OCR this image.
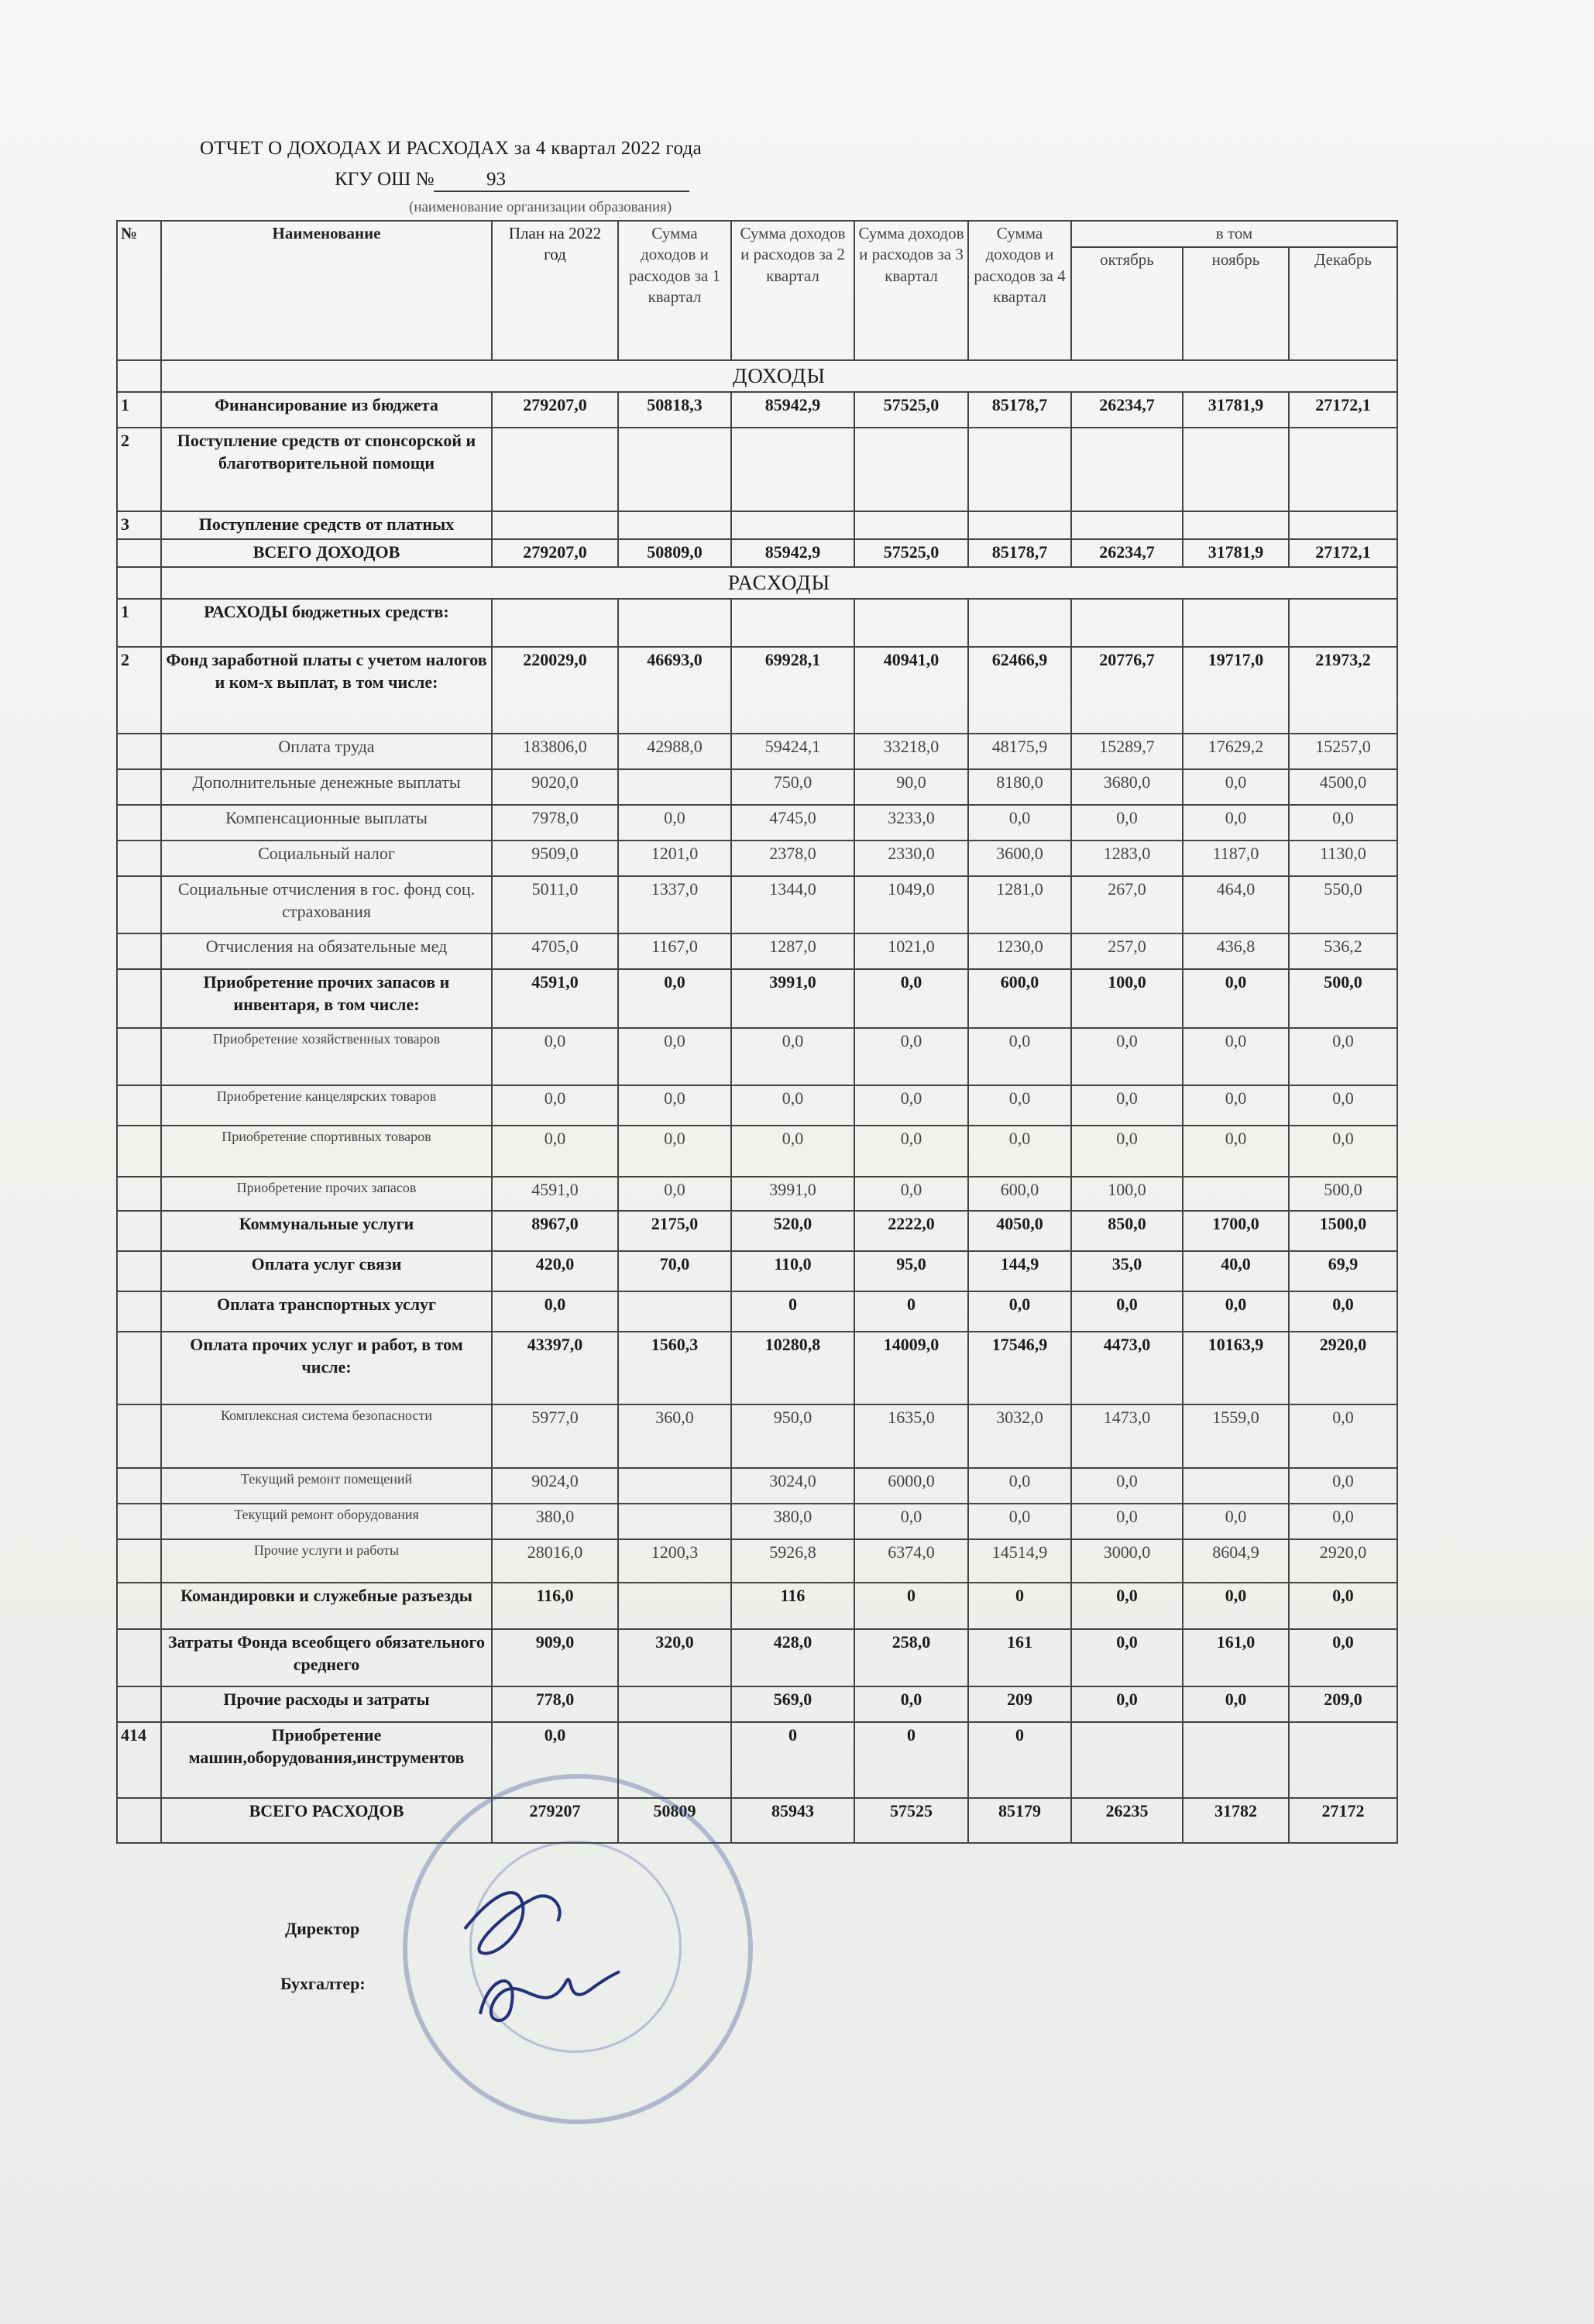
ОТЧЕТ О ДОХОДАХ И РАСХОДАХ за 4 квартал 2022 года
КГУ ОШ №	93
(наименование организации образования)
№	Наименование	План на 2022 год	Сумма доходов и расходов за 1 квартал	Сумма доходов и расходов за 2 квартал	Сумма доходов и расходов за 3 квартал	Сумма доходов и расходов за 4 квартал	в том		
							октябрь	ноябрь	Декабрь
	ДОХОДЫ								
1	Финансирование из бюджета	279207,0	50818,3	85942,9	57525,0	85178,7	26234,7	31781,9	27172,1
2	Поступление средств от спонсорской и благотворительной помощи								
3	Поступление средств от платных								
	ВСЕГО ДОХОДОВ	279207,0	50809,0	85942,9	57525,0	85178,7	26234,7	31781,9	27172,1
	РАСХОДЫ								
1	РАСХОДЫ бюджетных средств:								
2	Фонд заработной платы с учетом налогов и ком-х выплат, в том числе:	220029,0	46693,0	69928,1	40941,0	62466,9	20776,7	19717,0	21973,2
	Оплата труда	183806,0	42988,0	59424,1	33218,0	48175,9	15289,7	17629,2	15257,0
	Дополнительные денежные выплаты	9020,0		750,0	90,0	8180,0	3680,0	0,0	4500,0
	Компенсационные выплаты	7978,0	0,0	4745,0	3233,0	0,0	0,0	0,0	0,0
	Социальный налог	9509,0	1201,0	2378,0	2330,0	3600,0	1283,0	1187,0	1130,0
	Социальные отчисления в гос. фонд соц. страхования	5011,0	1337,0	1344,0	1049,0	1281,0	267,0	464,0	550,0
	Отчисления на обязательные мед	4705,0	1167,0	1287,0	1021,0	1230,0	257,0	436,8	536,2
	Приобретение прочих запасов и инвентаря, в том числе:	4591,0	0,0	3991,0	0,0	600,0	100,0	0,0	500,0
	Приобретение хозяйственных товаров	0,0	0,0	0,0	0,0	0,0	0,0	0,0	0,0
	Приобретение канцелярских товаров	0,0	0,0	0,0	0,0	0,0	0,0	0,0	0,0
	Приобретение спортивных товаров	0,0	0,0	0,0	0,0	0,0	0,0	0,0	0,0
	Приобретение прочих запасов	4591,0	0,0	3991,0	0,0	600,0	100,0		500,0
	Коммунальные услуги	8967,0	2175,0	520,0	2222,0	4050,0	850,0	1700,0	1500,0
	Оплата услуг связи	420,0	70,0	110,0	95,0	144,9	35,0	40,0	69,9
	Оплата транспортных услуг	0,0		0	0	0,0	0,0	0,0	0,0
	Оплата прочих услуг и работ, в том числе:	43397,0	1560,3	10280,8	14009,0	17546,9	4473,0	10163,9	2920,0
	Комплексная система безопасности	5977,0	360,0	950,0	1635,0	3032,0	1473,0	1559,0	0,0
	Текущий ремонт помещений	9024,0		3024,0	6000,0	0,0	0,0		0,0
	Текущий ремонт оборудования	380,0		380,0	0,0	0,0	0,0	0,0	0,0
	Прочие услуги и работы	28016,0	1200,3	5926,8	6374,0	14514,9	3000,0	8604,9	2920,0
	Командировки и служебные разъезды	116,0		116	0	0	0,0	0,0	0,0
	Затраты Фонда всеобщего обязательного среднего	909,0	320,0	428,0	258,0	161	0,0	161,0	0,0
	Прочие расходы и затраты	778,0		569,0	0,0	209	0,0	0,0	209,0
414	Приобретение машин,оборудования,инструментов	0,0		0	0	0			
	ВСЕГО РАСХОДОВ	279207	50809	85943	57525	85179	26235	31782	27172
Директор
Бухгалтер:
